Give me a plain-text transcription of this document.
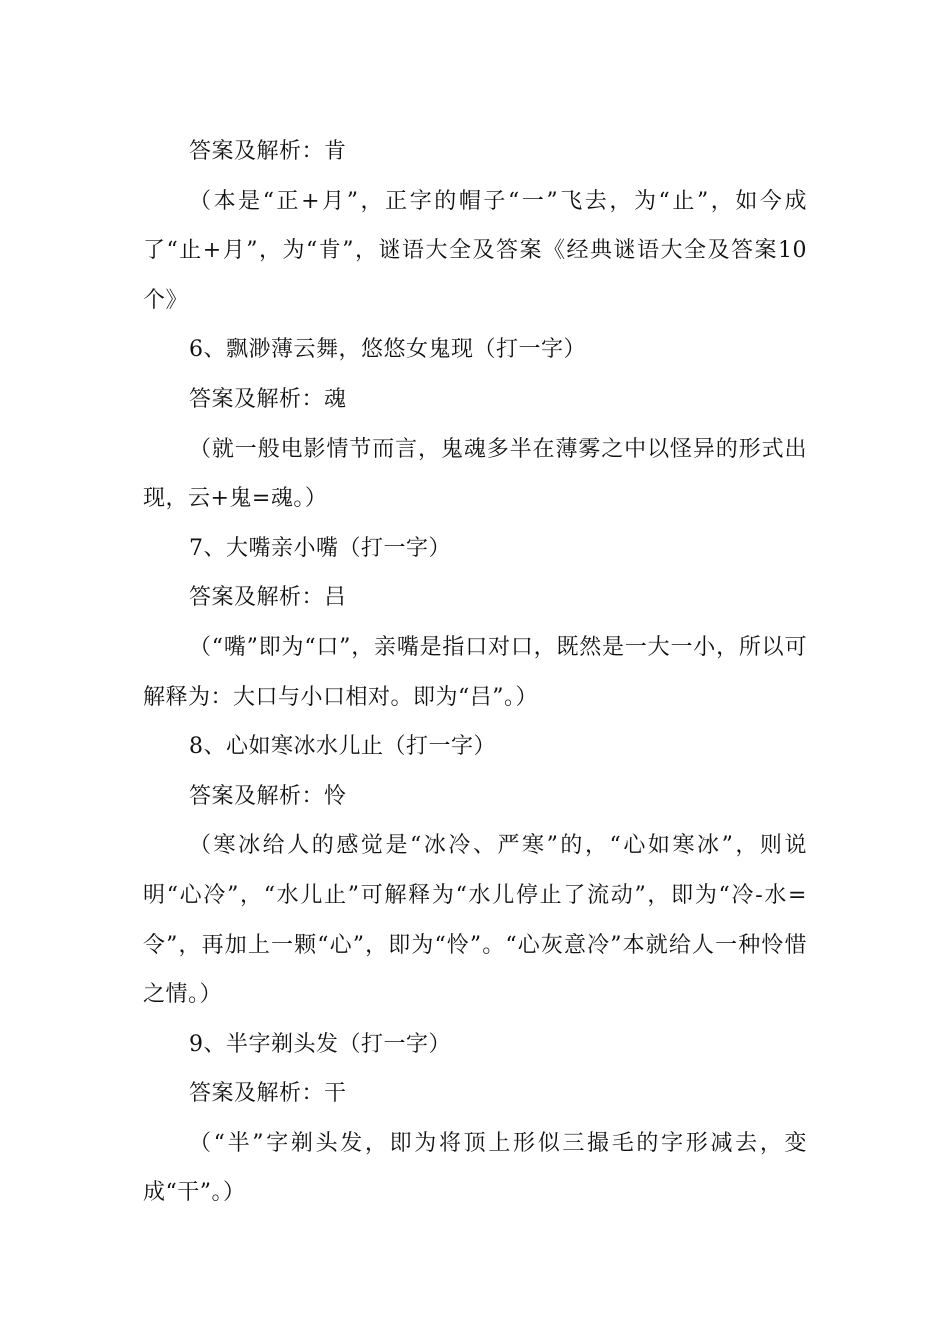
答案及解析：肯

（本是“正+月”，正字的帽子“一”飞去，为“止”，如今成了“止+月”，为“肯”，谜语大全及答案《经典谜语大全及答案10个》

6、飘渺薄云舞，悠悠女鬼现（打一字）

答案及解析：魂

（就一般电影情节而言，鬼魂多半在薄雾之中以怪异的形式出现，云+鬼=魂。）

7、大嘴亲小嘴（打一字）

答案及解析：吕

（“嘴”即为“口”，亲嘴是指口对口，既然是一大一小，所以可解释为：大口与小口相对。即为“吕”。）

8、心如寒冰水儿止（打一字）

答案及解析：怜

（寒冰给人的感觉是“冰冷、严寒”的，“心如寒冰”，则说明“心冷”，“水儿止”可解释为“水儿停止了流动”，即为“冷-水=令”，再加上一颗“心”，即为“怜”。“心灰意冷”本就给人一种怜惜之情。）

9、半字剃头发（打一字）

答案及解析：干

（“半”字剃头发，即为将顶上形似三撮毛的字形减去，变成“干”。）
